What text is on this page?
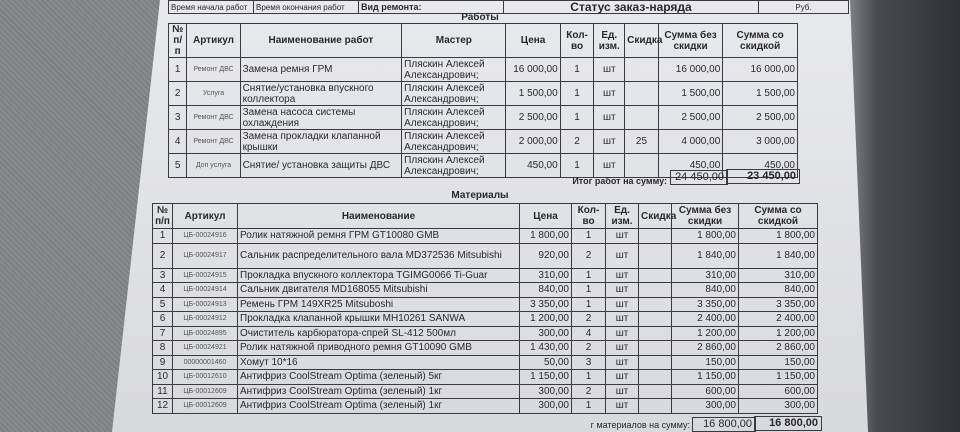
Время начала работ	Время окончания работ	Вид ремонта:	Статус заказ-наряда	Руб.
Работы
№ п/п	Артикул	Наименование работ	Мастер	Цена	Кол-во	Ед. изм.	Скидка	Сумма без скидки	Сумма со скидкой
1	Ремонт ДВС	Замена ремня ГРМ	Пляскин Алексей Александрович;	16 000,00	1	шт		16 000,00	16 000,00
2	Услуга	Снятие/установка впускного коллектора	Пляскин Алексей Александрович;	1 500,00	1	шт		1 500,00	1 500,00
3	Ремонт ДВС	Замена насоса системы охлаждения	Пляскин Алексей Александрович;	2 500,00	1	шт		2 500,00	2 500,00
4	Ремонт ДВС	Замена прокладки клапанной крышки	Пляскин Алексей Александрович;	2 000,00	2	шт	25	4 000,00	3 000,00
5	Доп услуга	Снятие/ установка защиты ДВС	Пляскин Алексей Александрович;	450,00	1	шт		450,00	450,00
Итог работ на сумму: 24 450,00	23 450,00
Материалы
№ п/п	Артикул	Наименование	Цена	Кол-во	Ед. изм.	Скидка	Сумма без скидки	Сумма со скидкой
1	ЦБ-00024916	Ролик натяжной ремня ГРМ GT10080 GMB	1 800,00	1	шт		1 800,00	1 800,00
2	ЦБ-00024917	Сальник распределительного вала MD372536 Mitsubishi	920,00	2	шт		1 840,00	1 840,00
3	ЦБ-00024915	Прокладка впускного коллектора TGIMG0066 Ti-Guar	310,00	1	шт		310,00	310,00
4	ЦБ-00024914	Сальник двигателя MD168055 Mitsubishi	840,00	1	шт		840,00	840,00
5	ЦБ-00024913	Ремень ГРМ 149XR25 Mitsuboshi	3 350,00	1	шт		3 350,00	3 350,00
6	ЦБ-00024912	Прокладка клапанной крышки MH10261 SANWA	1 200,00	2	шт		2 400,00	2 400,00
7	ЦБ-00024895	Очиститель карбюратора-спрей SL-412 500мл	300,00	4	шт		1 200,00	1 200,00
8	ЦБ-00024921	Ролик натяжной приводного ремня GT10090 GMB	1 430,00	2	шт		2 860,00	2 860,00
9	00000001460	Хомут 10*16	50,00	3	шт		150,00	150,00
10	ЦБ-00012610	Антифриз CoolStream Optima (зеленый) 5кг	1 150,00	1	шт		1 150,00	1 150,00
11	ЦБ-00012609	Антифриз CoolStream Optima (зеленый) 1кг	300,00	2	шт		600,00	600,00
12	ЦБ-00012609	Антифриз CoolStream Optima (зеленый) 1кг	300,00	1	шт		300,00	300,00
г материалов на сумму:	16 800,00	16 800,00
